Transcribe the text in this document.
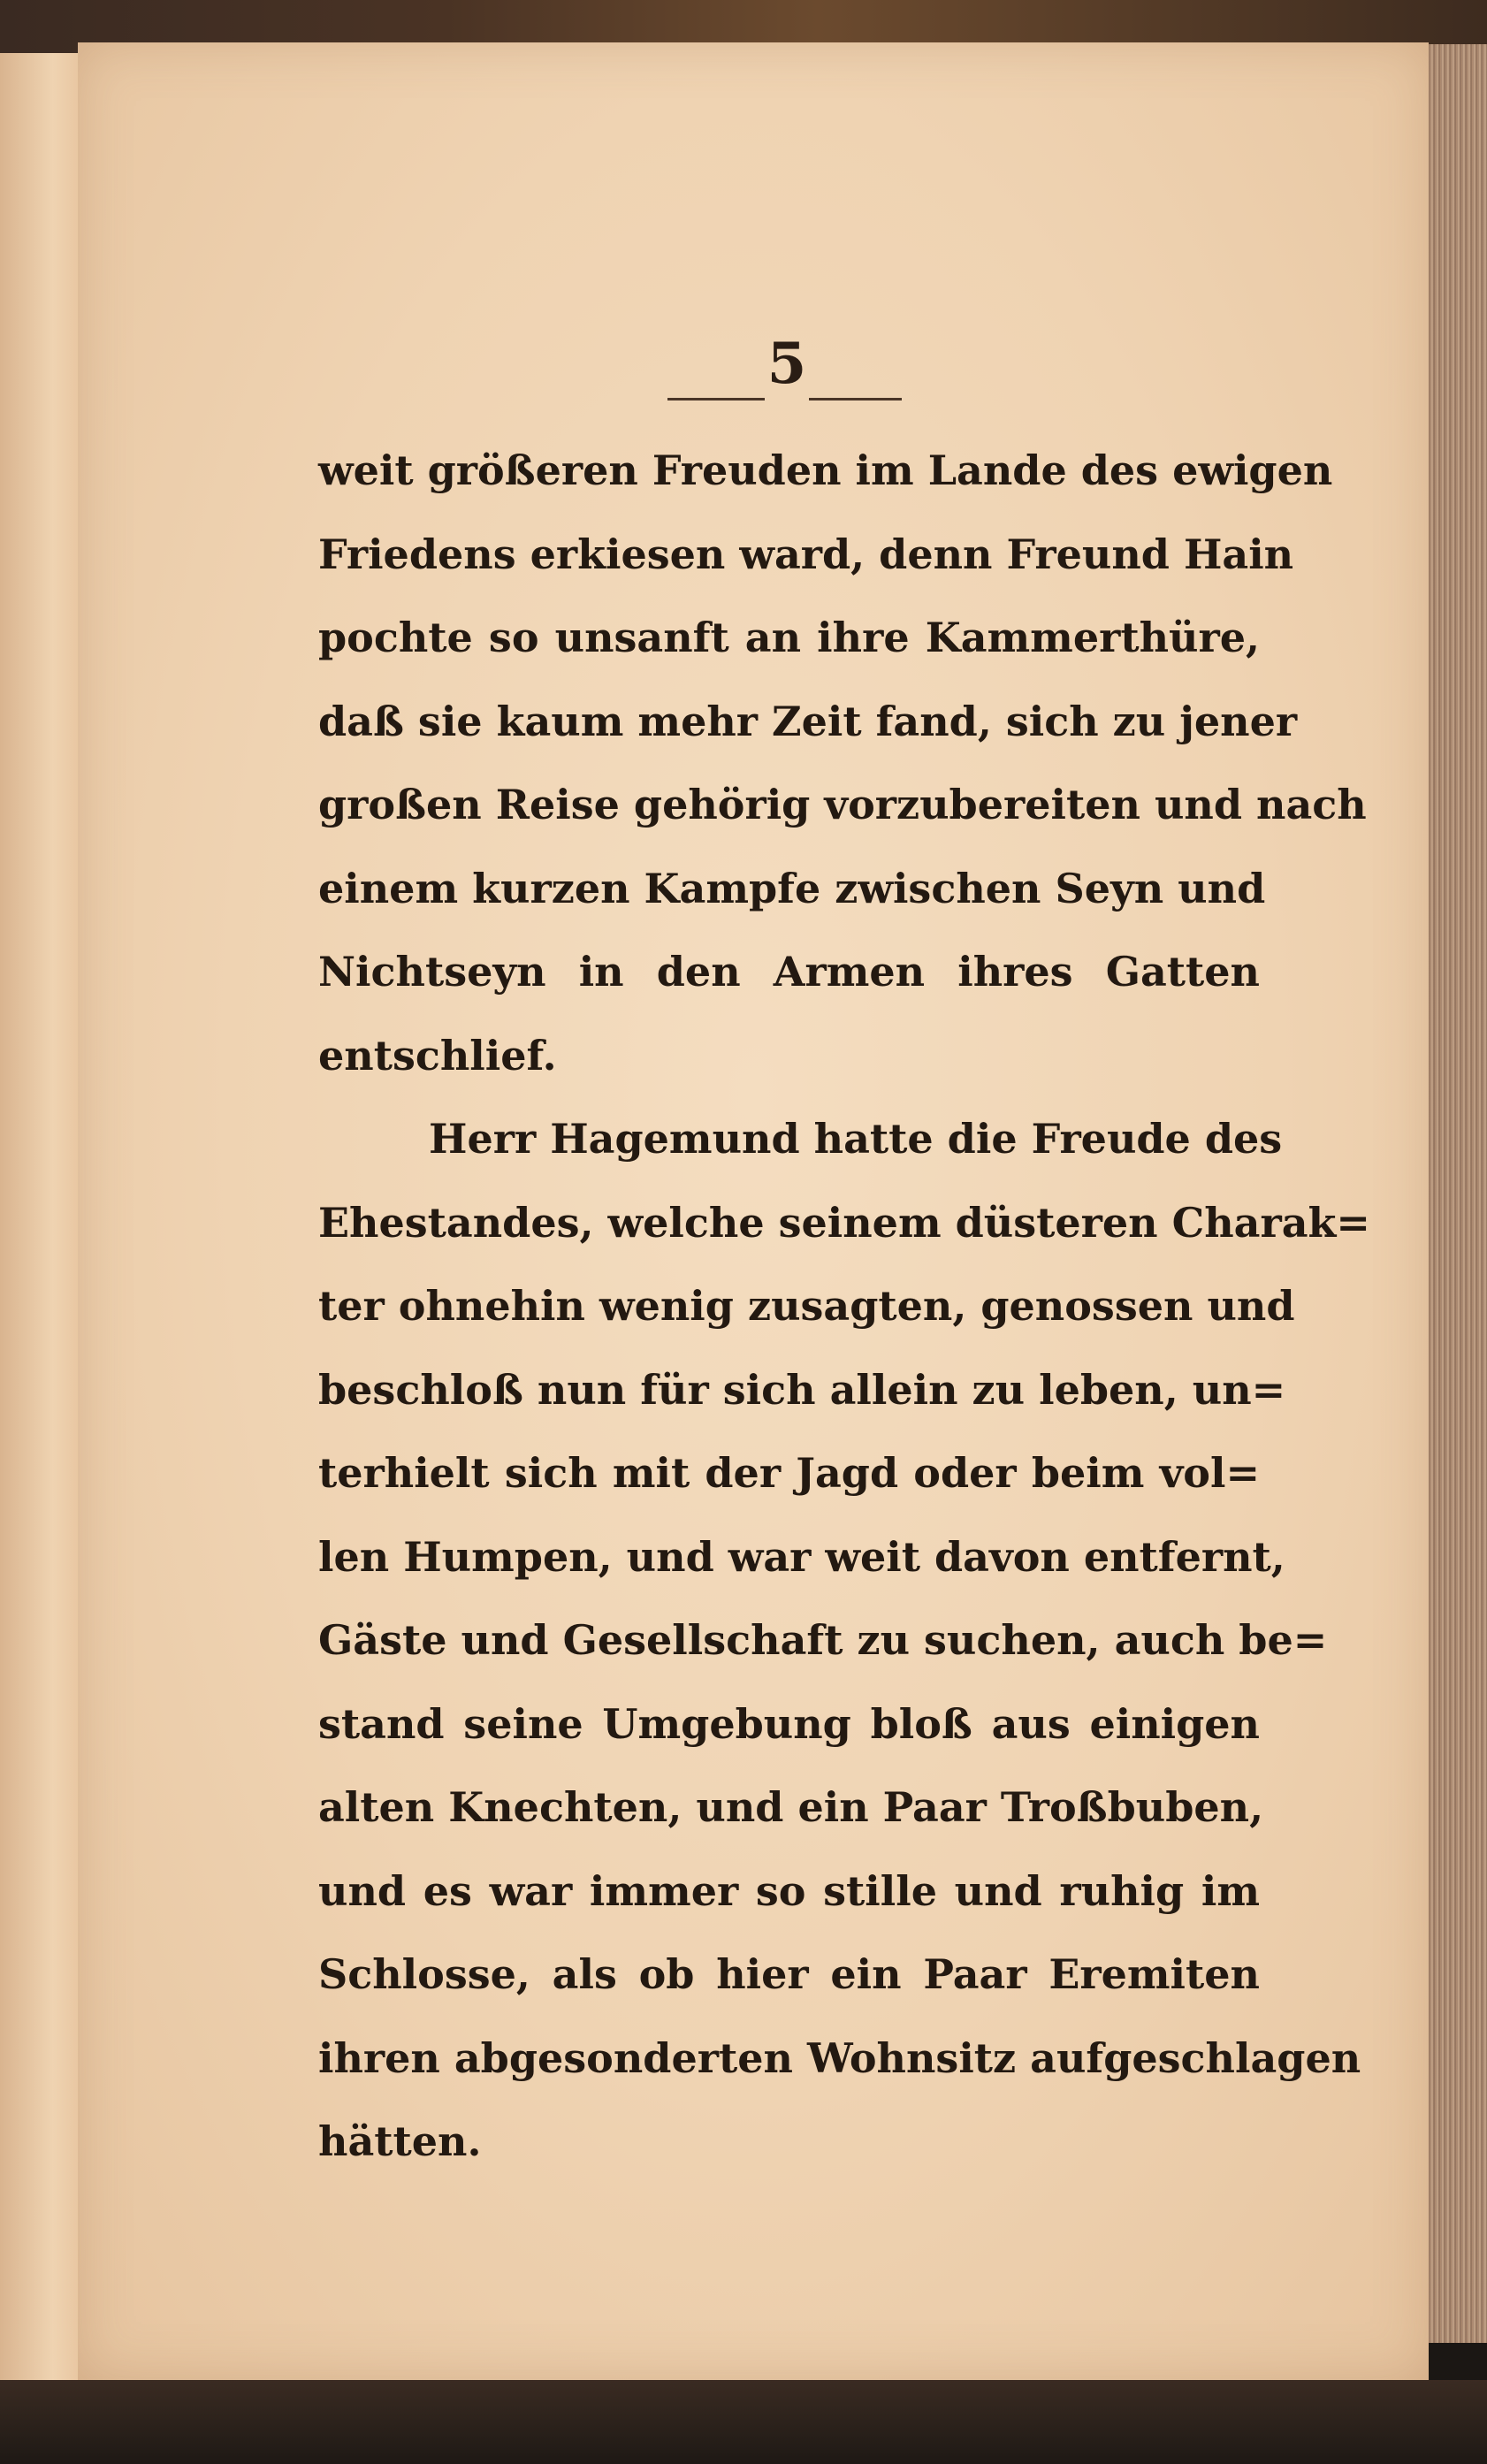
5
weit größeren Freuden im Lande des ewigen
Friedens erkiesen ward, denn Freund Hain
pochte so unsanft an ihre Kammerthüre,
daß sie kaum mehr Zeit fand, sich zu jener
großen Reise gehörig vorzubereiten und nach
einem kurzen Kampfe zwischen Seyn und
Nichtseyn in den Armen ihres Gatten
entschlief.
Herr Hagemund hatte die Freude des
Ehestandes, welche seinem düsteren Charak=
ter ohnehin wenig zusagten, genossen und
beschloß nun für sich allein zu leben, un=
terhielt sich mit der Jagd oder beim vol=
len Humpen, und war weit davon entfernt,
Gäste und Gesellschaft zu suchen, auch be=
stand seine Umgebung bloß aus einigen
alten Knechten, und ein Paar Troßbuben,
und es war immer so stille und ruhig im
Schlosse, als ob hier ein Paar Eremiten
ihren abgesonderten Wohnsitz aufgeschlagen
hätten.
